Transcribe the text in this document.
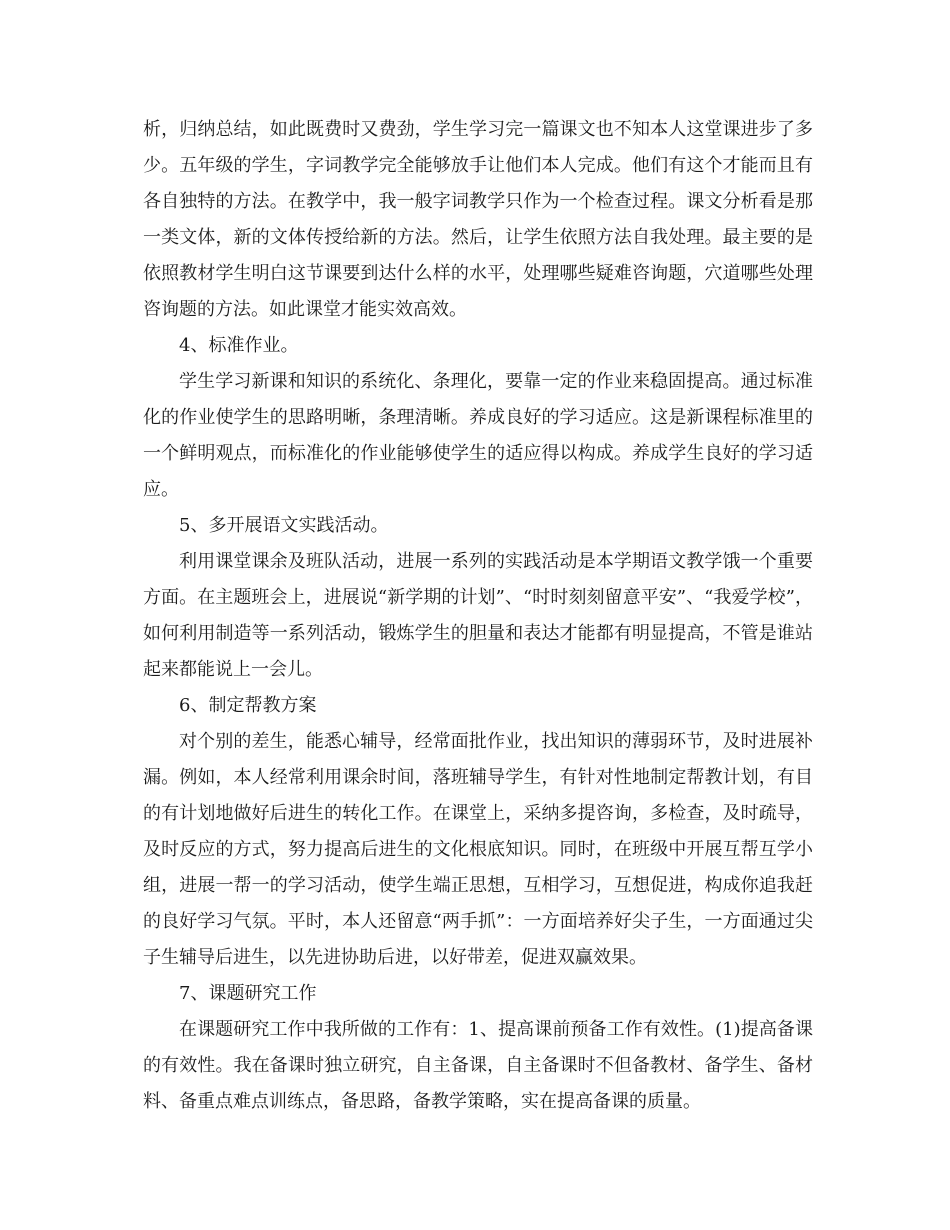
析，归纳总结，如此既费时又费劲，学生学习完一篇课文也不知本人这堂课进步了多少。五年级的学生，字词教学完全能够放手让他们本人完成。他们有这个才能而且有各自独特的方法。在教学中，我一般字词教学只作为一个检查过程。课文分析看是那一类文体，新的文体传授给新的方法。然后，让学生依照方法自我处理。最主要的是依照教材学生明白这节课要到达什么样的水平，处理哪些疑难咨询题，穴道哪些处理咨询题的方法。如此课堂才能实效高效。

4、标准作业。

学生学习新课和知识的系统化、条理化，要靠一定的作业来稳固提高。通过标准化的作业使学生的思路明晰，条理清晰。养成良好的学习适应。这是新课程标准里的一个鲜明观点，而标准化的作业能够使学生的适应得以构成。养成学生良好的学习适应。

5、多开展语文实践活动。

利用课堂课余及班队活动，进展一系列的实践活动是本学期语文教学饿一个重要方面。在主题班会上，进展说“新学期的计划”、“时时刻刻留意平安”、“我爱学校”，如何利用制造等一系列活动，锻炼学生的胆量和表达才能都有明显提高，不管是谁站起来都能说上一会儿。

6、制定帮教方案

对个别的差生，能悉心辅导，经常面批作业，找出知识的薄弱环节，及时进展补漏。例如，本人经常利用课余时间，落班辅导学生，有针对性地制定帮教计划，有目的有计划地做好后进生的转化工作。在课堂上，采纳多提咨询，多检查，及时疏导，及时反应的方式，努力提高后进生的文化根底知识。同时，在班级中开展互帮互学小组，进展一帮一的学习活动，使学生端正思想，互相学习，互想促进，构成你追我赶的良好学习气氛。平时，本人还留意“两手抓”：一方面培养好尖子生，一方面通过尖子生辅导后进生，以先进协助后进，以好带差，促进双赢效果。

7、课题研究工作

在课题研究工作中我所做的工作有：1、提高课前预备工作有效性。(1)提高备课的有效性。我在备课时独立研究，自主备课，自主备课时不但备教材、备学生、备材料、备重点难点训练点，备思路，备教学策略，实在提高备课的质量。
